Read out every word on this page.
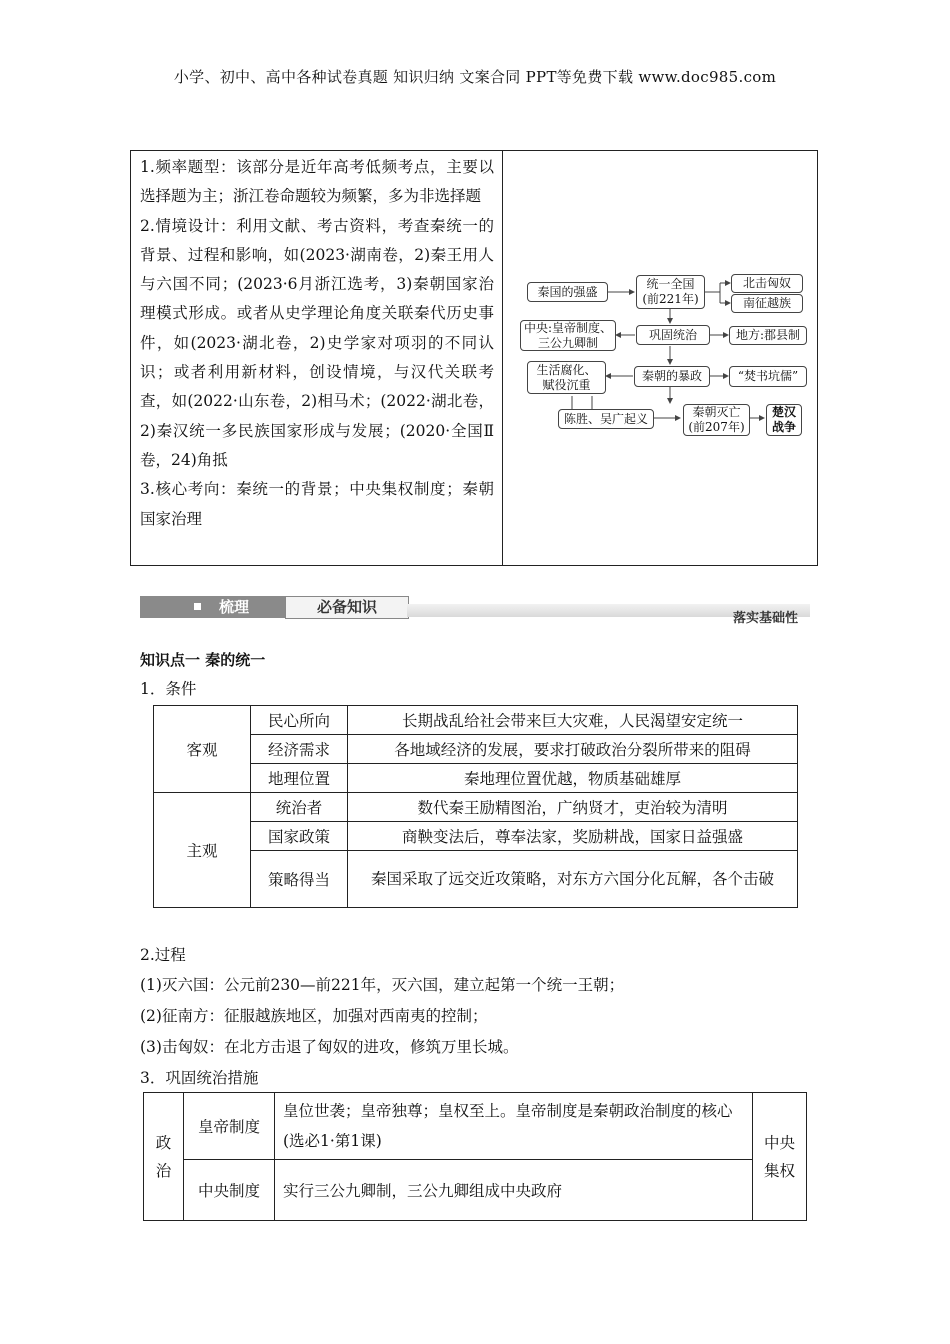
小学、初中、高中各种试卷真题 知识归纳 文案合同 PPT等免费下载 www.doc985.com

1.频率题型：该部分是近年高考低频考点，主要以选择题为主；浙江卷命题较为频繁，多为非选择题

2.情境设计：利用文献、考古资料，考查秦统一的背景、过程和影响，如(2023·湖南卷，2)秦王用人与六国不同；(2023·6月浙江选考，3)秦朝国家治理模式形成。或者从史学理论角度关联秦代历史事件，如(2023·湖北卷，2)史学家对项羽的不同认识；或者利用新材料，创设情境，与汉代关联考查，如(2022·山东卷，2)相马术；(2022·湖北卷，2)秦汉统一多民族国家形成与发展；(2020·全国Ⅱ卷，24)角抵

3.核心考向：秦统一的背景；中央集权制度；秦朝国家治理

秦国的强盛
统一全国
(前221年)
北击匈奴
南征越族
中央:皇帝制度、
三公九卿制
巩固统治	地方:郡县制
生活腐化、
赋役沉重
秦朝的暴政	“焚书坑儒”
陈胜、吴广起义	秦朝灭亡
(前207年)
楚汉
战争
梳理	必备知识
落实基础性
知识点一 秦的统一
1．条件
客观	民心所向	长期战乱给社会带来巨大灾难，人民渴望安定统一
	经济需求	各地域经济的发展，要求打破政治分裂所带来的阻碍
	地理位置	秦地理位置优越，物质基础雄厚
主观	统治者	数代秦王励精图治，广纳贤才，吏治较为清明
	国家政策	商鞅变法后，尊奉法家，奖励耕战，国家日益强盛
	策略得当	秦国采取了远交近攻策略，对东方六国分化瓦解，各个击破
2.过程
(1)灭六国：公元前230—前221年，灭六国，建立起第一个统一王朝；
(2)征南方：征服越族地区，加强对西南夷的控制；
(3)击匈奴：在北方击退了匈奴的进攻，修筑万里长城。
3．巩固统治措施
政治	皇帝制度	皇位世袭；皇帝独尊；皇权至上。皇帝制度是秦朝政治制度的核心(选必1·第1课)	中央集权
	中央制度	实行三公九卿制，三公九卿组成中央政府	
